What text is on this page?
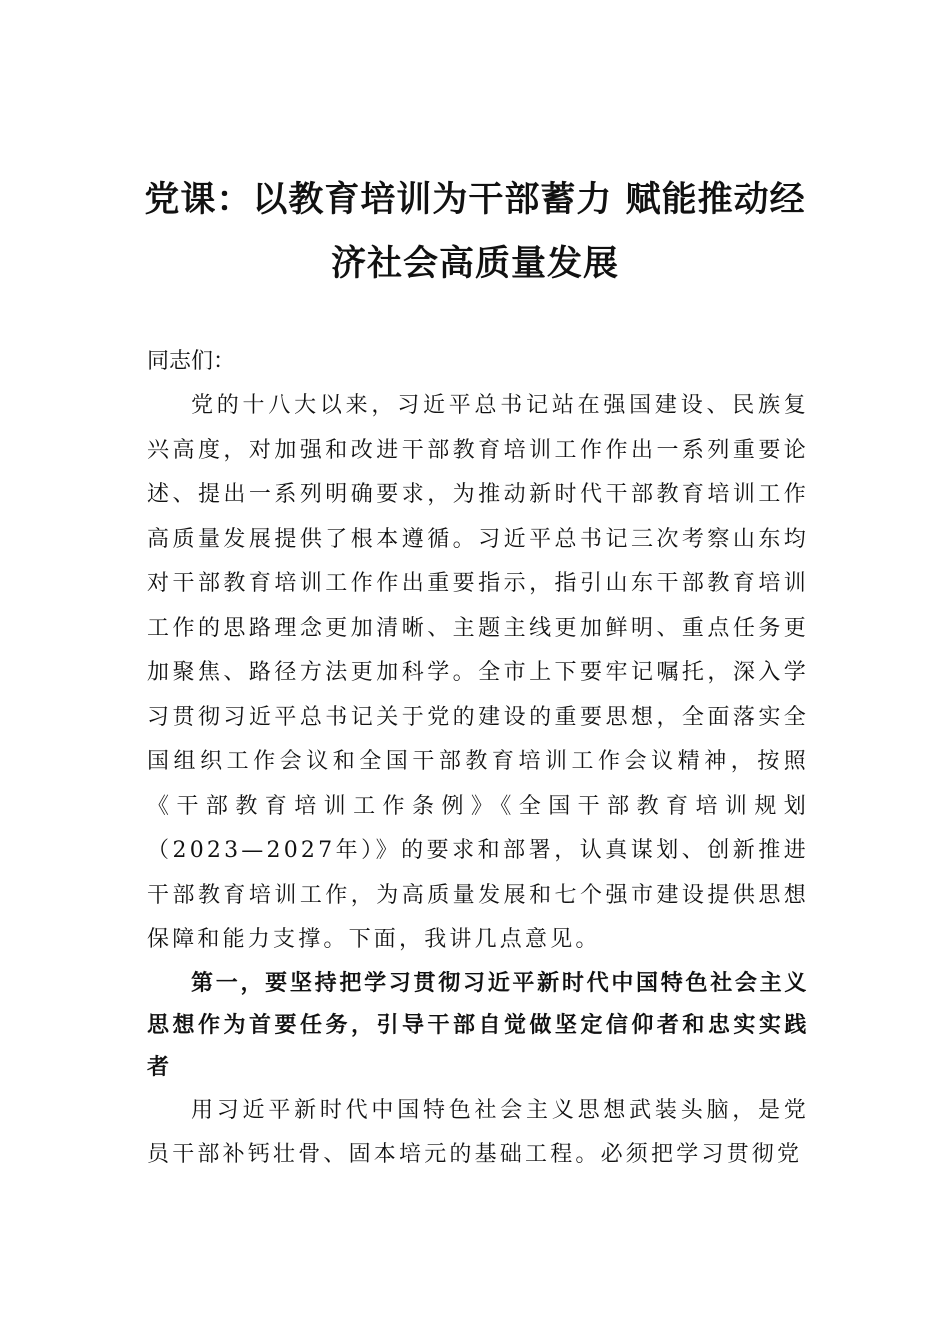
党课：以教育培训为干部蓄力 赋能推动经
济社会高质量发展

同志们：

党的十八大以来，习近平总书记站在强国建设、民族复兴高度，对加强和改进干部教育培训工作作出一系列重要论述、提出一系列明确要求，为推动新时代干部教育培训工作高质量发展提供了根本遵循。习近平总书记三次考察山东均对干部教育培训工作作出重要指示，指引山东干部教育培训工作的思路理念更加清晰、主题主线更加鲜明、重点任务更加聚焦、路径方法更加科学。全市上下要牢记嘱托，深入学习贯彻习近平总书记关于党的建设的重要思想，全面落实全国组织工作会议和全国干部教育培训工作会议精神，按照《干部教育培训工作条例》《全国干部教育培训规划（2023—2027年）》的要求和部署，认真谋划、创新推进干部教育培训工作，为高质量发展和七个强市建设提供思想保障和能力支撑。下面，我讲几点意见。

第一，要坚持把学习贯彻习近平新时代中国特色社会主义思想作为首要任务，引导干部自觉做坚定信仰者和忠实实践者

用习近平新时代中国特色社会主义思想武装头脑，是党员干部补钙壮骨、固本培元的基础工程。必须把学习贯彻党
